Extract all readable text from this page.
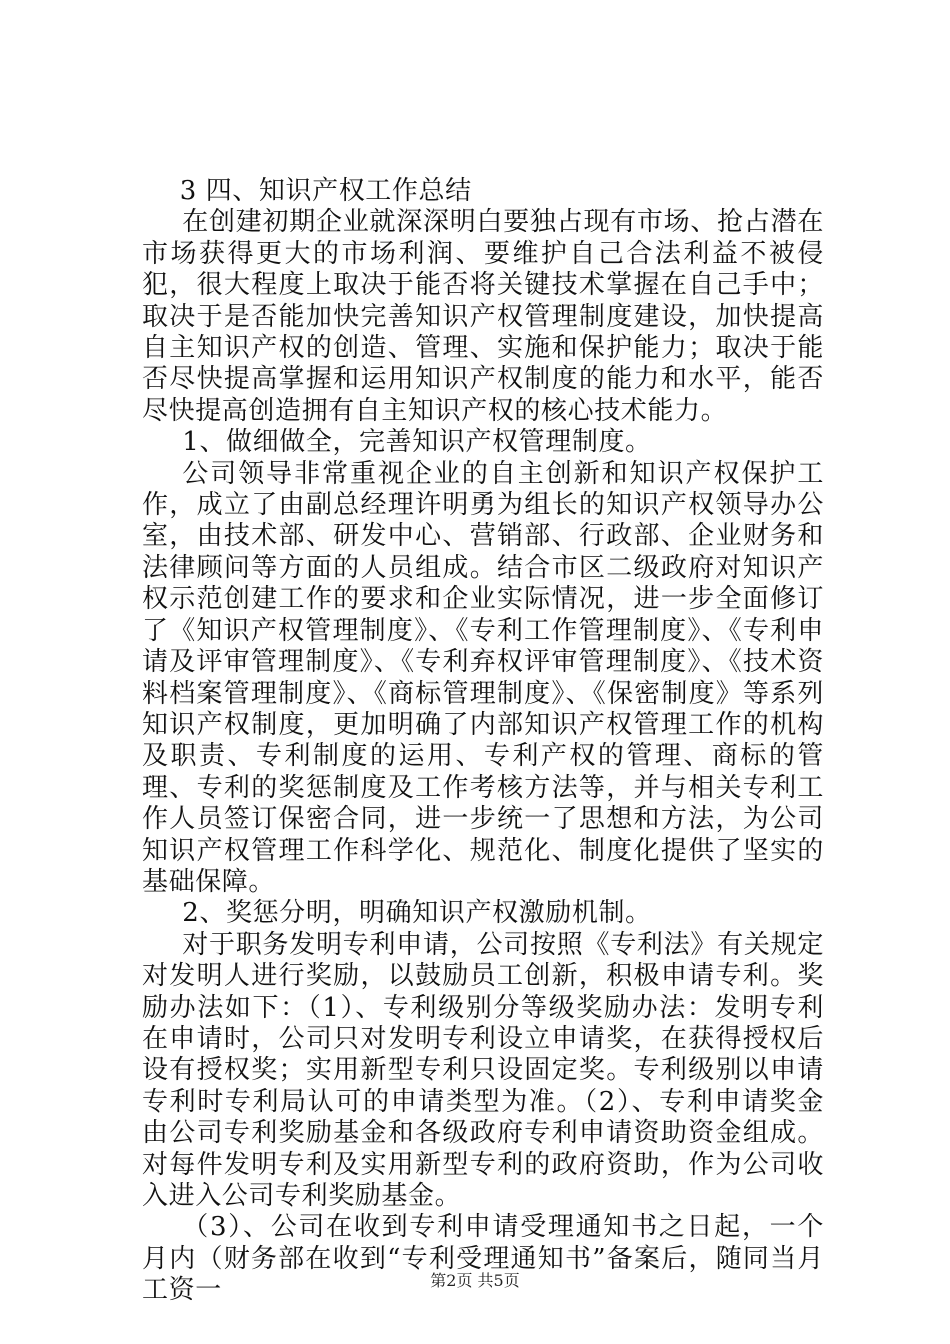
3 四、知识产权工作总结

在创建初期企业就深深明白要独占现有市场、抢占潜在市场获得更大的市场利润、要维护自己合法利益不被侵犯，很大程度上取决于能否将关键技术掌握在自己手中；取决于是否能加快完善知识产权管理制度建设，加快提高自主知识产权的创造、管理、实施和保护能力；取决于能否尽快提高掌握和运用知识产权制度的能力和水平，能否尽快提高创造拥有自主知识产权的核心技术能力。

1、做细做全，完善知识产权管理制度。

公司领导非常重视企业的自主创新和知识产权保护工作，成立了由副总经理许明勇为组长的知识产权领导办公室，由技术部、研发中心、营销部、行政部、企业财务和法律顾问等方面的人员组成。结合市区二级政府对知识产权示范创建工作的要求和企业实际情况，进一步全面修订了《知识产权管理制度》、《专利工作管理制度》、《专利申请及评审管理制度》、《专利弃权评审管理制度》、《技术资料档案管理制度》、《商标管理制度》、《保密制度》等系列知识产权制度，更加明确了内部知识产权管理工作的机构及职责、专利制度的运用、专利产权的管理、商标的管理、专利的奖惩制度及工作考核方法等，并与相关专利工作人员签订保密合同，进一步统一了思想和方法，为公司知识产权管理工作科学化、规范化、制度化提供了坚实的基础保障。

2、奖惩分明，明确知识产权激励机制。

对于职务发明专利申请，公司按照《专利法》有关规定对发明人进行奖励，以鼓励员工创新，积极申请专利。奖励办法如下：（1）、专利级别分等级奖励办法：发明专利在申请时，公司只对发明专利设立申请奖，在获得授权后设有授权奖；实用新型专利只设固定奖。专利级别以申请专利时专利局认可的申请类型为准。（2）、专利申请奖金由公司专利奖励基金和各级政府专利申请资助资金组成。对每件发明专利及实用新型专利的政府资助，作为公司收入进入公司专利奖励基金。

（3）、公司在收到专利申请受理通知书之日起，一个月内（财务部在收到“专利受理通知书”备案后，随同当月工资一	第2页 共5页
